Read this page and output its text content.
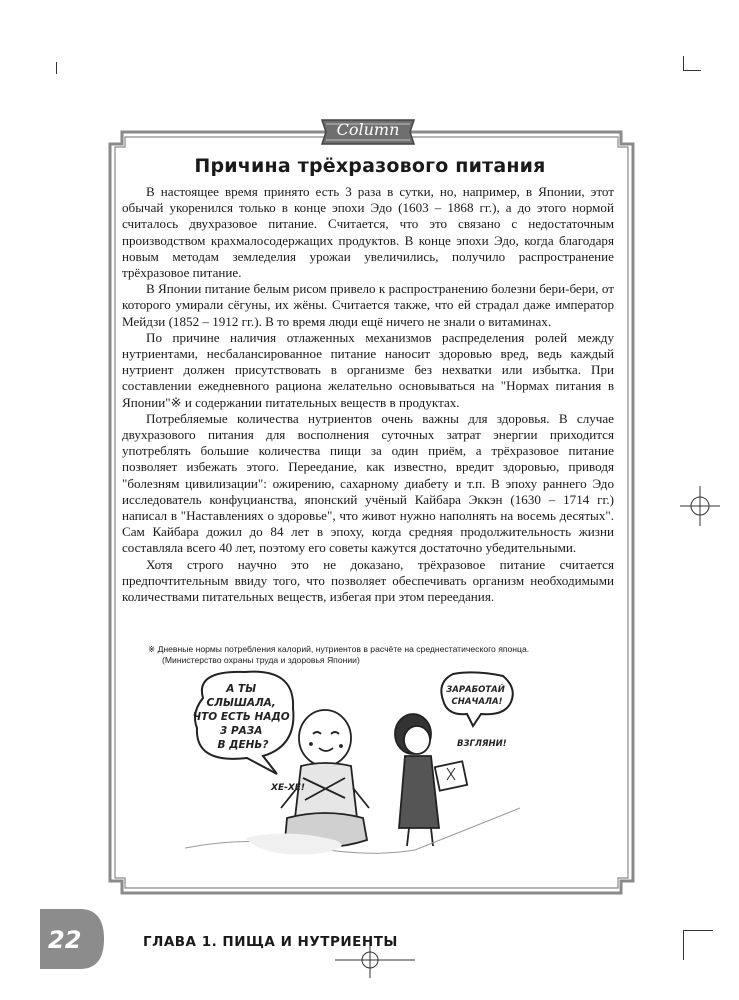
Column
Причина трёхразового питания

В настоящее время принято есть 3 раза в сутки, но, например, в Японии, этот обычай укоренился только в конце эпохи Эдо (1603 – 1868 гг.), а до этого нормой считалось двухразовое питание. Считается, что это связано с недостаточным производством крахмалосодержащих продуктов. В конце эпохи Эдо, когда благодаря новым методам земледелия урожаи увеличились, получило распространение трёхразовое питание.

В Японии питание белым рисом привело к распространению болезни бери-бери, от которого умирали сёгуны, их жёны. Считается также, что ей страдал даже император Мейдзи (1852 – 1912 гг.). В то время люди ещё ничего не знали о витаминах.

По причине наличия отлаженных механизмов распределения ролей между нутриентами, несбалансированное питание наносит здоровью вред, ведь каждый нутриент должен присутствовать в организме без нехватки или избытка. При составлении ежедневного рациона желательно основываться на "Нормах питания в Японии"※ и содержании питательных веществ в продуктах.

Потребляемые количества нутриентов очень важны для здоровья. В случае двухразового питания для восполнения суточных затрат энергии приходится употреблять большие количества пищи за один приём, а трёхразовое питание позволяет избежать этого. Переедание, как известно, вредит здоровью, приводя "болезням цивилизации": ожирению, сахарному диабету и т.п. В эпоху раннего Эдо исследователь конфуцианства, японский учёный Кайбара Эккэн (1630 – 1714 гг.) написал в "Наставлениях о здоровье", что живот нужно наполнять на восемь десятых". Сам Кайбара дожил до 84 лет в эпоху, когда средняя продолжительность жизни составляла всего 40 лет, поэтому его советы кажутся достаточно убедительными.

Хотя строго научно это не доказано, трёхразовое питание считается предпочтительным ввиду того, что позволяет обеспечивать организм необходимыми количествами питательных веществ, избегая при этом переедания.

※ Дневные нормы потребления калорий, нутриентов в расчёте на среднестатического японца.
(Министерство охраны труда и здоровья Японии)
А ТЫ СЛЫШАЛА, ЧТО ЕСТЬ НАДО 3 РАЗА В ДЕНЬ?
ХЕ-ХЕ!
ЗАРАБОТАЙ СНАЧАЛА!
ВЗГЛЯНИ!
22	ГЛАВА 1. ПИЩА И НУТРИЕНТЫ
